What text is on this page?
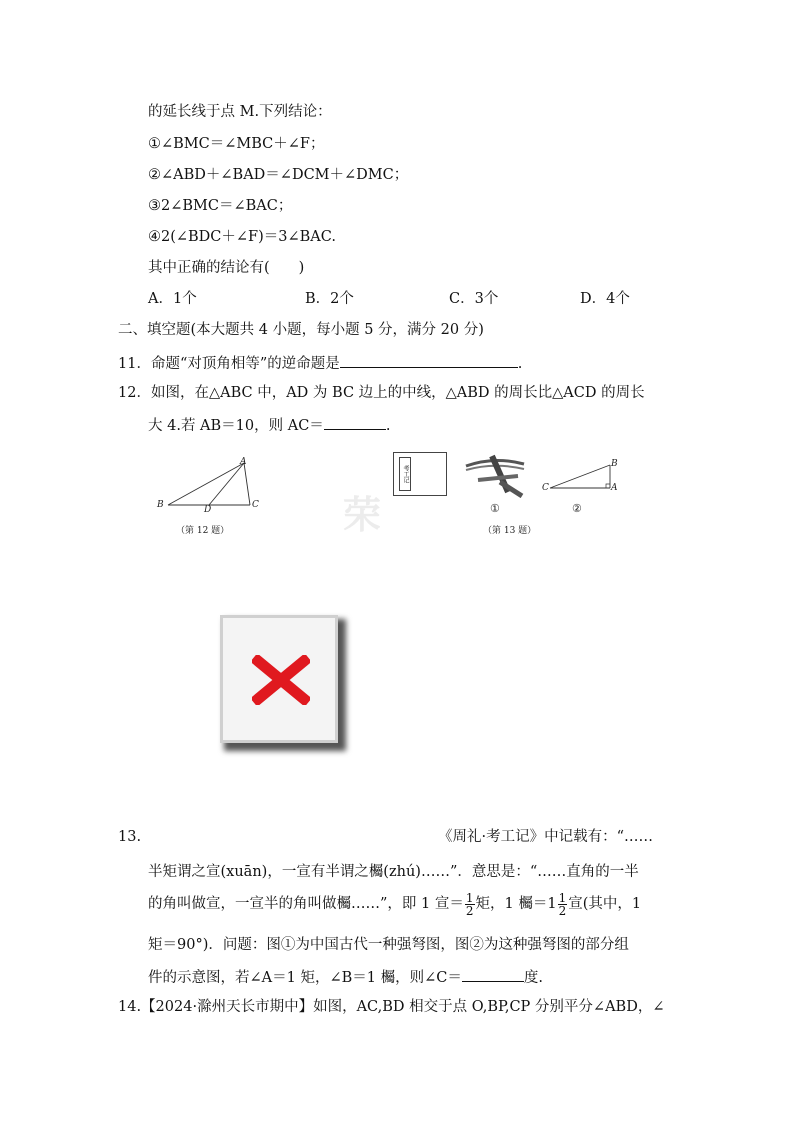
的延长线于点 M.下列结论：
①∠BMC＝∠MBC＋∠F；
②∠ABD＋∠BAD＝∠DCM＋∠DMC；
③2∠BMC＝∠BAC；
④2(∠BDC＋∠F)＝3∠BAC.
其中正确的结论有(　　)
A．1个	B．2个	C．3个	D．4个
二、填空题(本大题共 4 小题，每小题 5 分，满分 20 分)
11．命题“对顶角相等”的逆命题是	.
12．如图，在△ABC 中，AD 为 BC 边上的中线，△ABD 的周长比△ACD 的周长
大 4.若 AB＝10，则 AC＝	.
A
B	C
D
（第 12 题）	荣
考工记
①
B
C	A
②
（第 13 题）
13.	《周礼·考工记》中记载有：“……
半矩谓之宣(xuān)，一宣有半谓之欘(zhú)……”．意思是：“……直角的一半
的角叫做宣，一宣半的角叫做欘……”，即 1 宣＝ $\frac{1}{2}$ 矩，1 欘$=1 \frac{1}{2}$ 宣(其中，1
矩＝90°)．问题：图①为中国古代一种强弩图，图②为这种强弩图的部分组
件的示意图，若∠A＝1 矩，∠B＝1 欘，则∠C＝	度.
14.【2024·滁州天长市期中】如图，AC,BD 相交于点 O,BP,CP 分别平分∠ABD，∠
